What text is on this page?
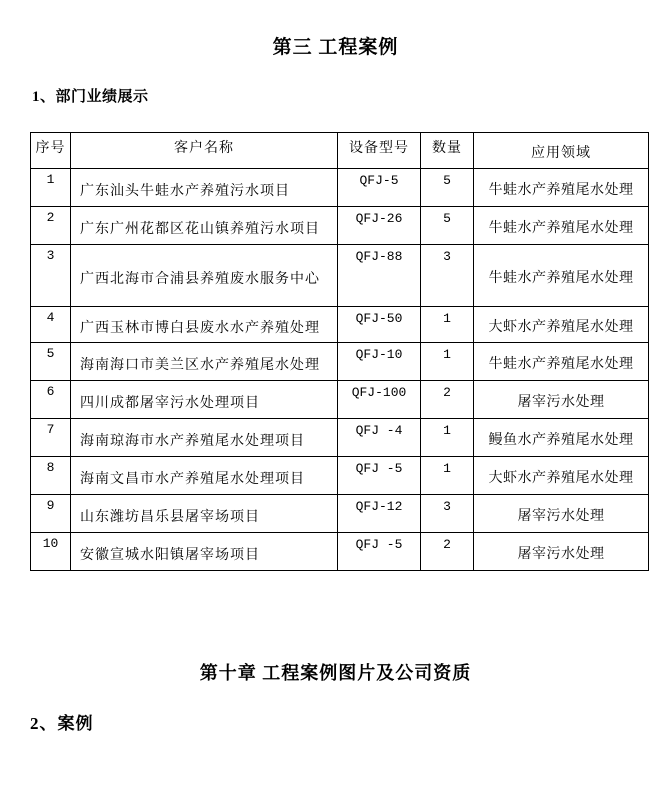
第三 工程案例
1、部门业绩展示
序号	客户名称	设备型号	数量	应用领域
1	广东汕头牛蛙水产养殖污水项目	QFJ-5	5	牛蛙水产养殖尾水处理
2	广东广州花都区花山镇养殖污水项目	QFJ-26	5	牛蛙水产养殖尾水处理
3	广西北海市合浦县养殖废水服务中心	QFJ-88	3	牛蛙水产养殖尾水处理
4	广西玉林市博白县废水水产养殖处理	QFJ-50	1	大虾水产养殖尾水处理
5	海南海口市美兰区水产养殖尾水处理	QFJ-10	1	牛蛙水产养殖尾水处理
6	四川成都屠宰污水处理项目	QFJ-100	2	屠宰污水处理
7	海南琼海市水产养殖尾水处理项目	QFJ -4	1	鳗鱼水产养殖尾水处理
8	海南文昌市水产养殖尾水处理项目	QFJ -5	1	大虾水产养殖尾水处理
9	山东潍坊昌乐县屠宰场项目	QFJ-12	3	屠宰污水处理
10	安徽宣城水阳镇屠宰场项目	QFJ -5	2	屠宰污水处理
第十章 工程案例图片及公司资质
2、案例
